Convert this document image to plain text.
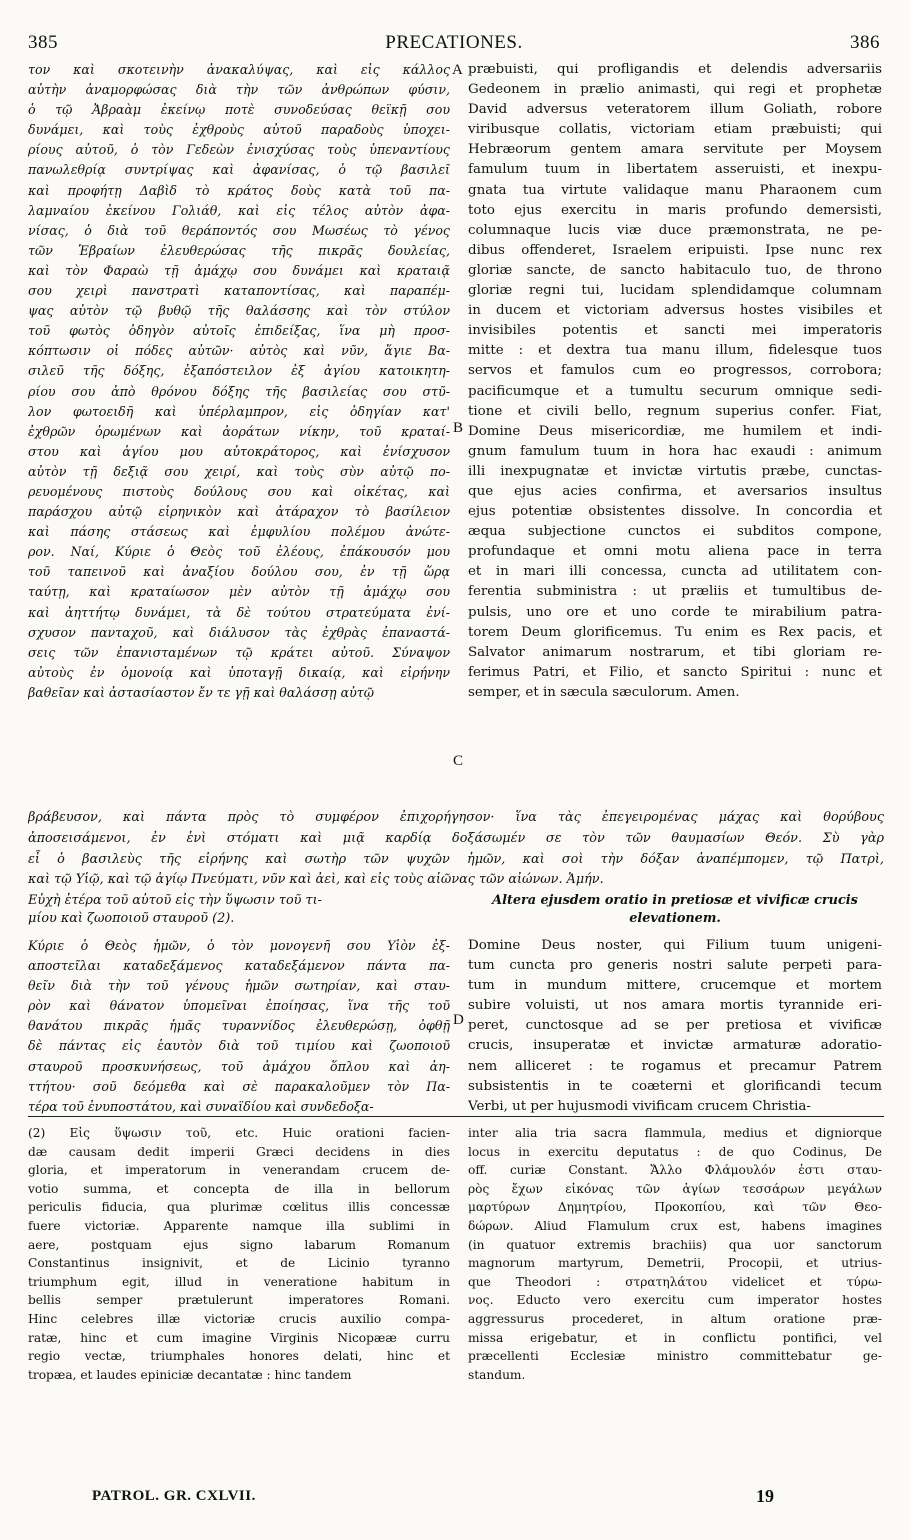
385	PRECATIONES.	386
τον καὶ σκοτεινὴν ἀνακαλύψας, καὶ εἰς κάλλος
αὐτὴν ἀναμορφώσας διὰ τὴν τῶν ἀνθρώπων φύσιν,
ὁ τῷ Ἀβραὰμ ἐκείνῳ ποτὲ συνοδεύσας θεϊκῇ σου
δυνάμει, καὶ τοὺς ἐχθροὺς αὐτοῦ παραδοὺς ὑποχει-
ρίους αὐτοῦ, ὁ τὸν Γεδεὼν ἐνισχύσας τοὺς ὑπεναντίους
πανωλεθρίᾳ συντρίψας καὶ ἀφανίσας, ὁ τῷ βασιλεῖ
καὶ προφήτῃ Δαβὶδ τὸ κράτος δοὺς κατὰ τοῦ πα-
λαμναίου ἐκείνου Γολιάθ, καὶ εἰς τέλος αὐτὸν ἀφα-
νίσας, ὁ διὰ τοῦ θεράποντός σου Μωσέως τὸ γένος
τῶν Ἑβραίων ἐλευθερώσας τῆς πικρᾶς δουλείας,
καὶ τὸν Φαραὼ τῇ ἀμάχῳ σου δυνάμει καὶ κραταιᾷ
σου χειρὶ πανστρατὶ καταποντίσας, καὶ παραπέμ-
ψας αὐτὸν τῷ βυθῷ τῆς θαλάσσης καὶ τὸν στύλον
τοῦ φωτὸς ὁδηγὸν αὐτοῖς ἐπιδείξας, ἵνα μὴ προσ-
κόπτωσιν οἱ πόδες αὐτῶν· αὐτὸς καὶ νῦν, ἅγιε Βα-
σιλεῦ τῆς δόξης, ἐξαπόστειλον ἐξ ἁγίου κατοικητη-
ρίου σου ἀπὸ θρόνου δόξης τῆς βασιλείας σου στῦ-
λον φωτοειδῆ καὶ ὑπέρλαμπρον, εἰς ὁδηγίαν κατ'
ἐχθρῶν ὁρωμένων καὶ ἀοράτων νίκην, τοῦ κραταί-
στου καὶ ἁγίου μου αὐτοκράτορος, καὶ ἐνίσχυσον
αὐτὸν τῇ δεξιᾷ σου χειρί, καὶ τοὺς σὺν αὐτῷ πο-
ρευομένους πιστοὺς δούλους σου καὶ οἰκέτας, καὶ
παράσχου αὐτῷ εἰρηνικὸν καὶ ἀτάραχον τὸ βασίλειον
καὶ πάσης στάσεως καὶ ἐμφυλίου πολέμου ἀνώτε-
ρον. Ναί, Κύριε ὁ Θεὸς τοῦ ἐλέους, ἐπάκουσόν μου
τοῦ ταπεινοῦ καὶ ἀναξίου δούλου σου, ἐν τῇ ὥρᾳ
ταύτῃ, καὶ κραταίωσον μὲν αὐτὸν τῇ ἀμάχῳ σου
καὶ ἀηττήτῳ δυνάμει, τὰ δὲ τούτου στρατεύματα ἐνί-
σχυσον πανταχοῦ, καὶ διάλυσον τὰς ἐχθρὰς ἐπαναστά-
σεις τῶν ἐπανισταμένων τῷ κράτει αὐτοῦ. Σύναψον
αὐτοὺς ἐν ὁμονοίᾳ καὶ ὑποταγῇ δικαίᾳ, καὶ εἰρήνην
βαθεῖαν καὶ ἀστασίαστον ἔν τε γῇ καὶ θαλάσσῃ αὐτῷ
præbuisti, qui profligandis et delendis adversariis
Gedeonem in prælio animasti, qui regi et prophetæ
David adversus veteratorem illum Goliath, robore
viribusque collatis, victoriam etiam præbuisti; qui
Hebræorum gentem amara servitute per Moysem
famulum tuum in libertatem asseruisti, et inexpu-
gnata tua virtute validaque manu Pharaonem cum
toto ejus exercitu in maris profundo demersisti,
columnaque lucis viæ duce præmonstrata, ne pe-
dibus offenderet, Israelem eripuisti. Ipse nunc rex
gloriæ sancte, de sancto habitaculo tuo, de throno
gloriæ regni tui, lucidam splendidamque columnam
in ducem et victoriam adversus hostes visibiles et
invisibiles potentis et sancti mei imperatoris
mitte : et dextra tua manu illum, fidelesque tuos
servos et famulos cum eo progressos, corrobora;
pacificumque et a tumultu securum omnique sedi-
tione et civili bello, regnum superius confer. Fiat,
Domine Deus misericordiæ, me humilem et indi-
gnum famulum tuum in hora hac exaudi : animum
illi inexpugnatæ et invictæ virtutis præbe, cunctas-
que ejus acies confirma, et aversarios insultus
ejus potentiæ obsistentes dissolve. In concordia et
æqua subjectione cunctos ei subditos compone,
profundaque et omni motu aliena pace in terra
et in mari illi concessa, cuncta ad utilitatem con-
ferentia subministra : ut præliis et tumultibus de-
pulsis, uno ore et uno corde te mirabilium patra-
torem Deum glorificemus. Tu enim es Rex pacis, et
Salvator animarum nostrarum, et tibi gloriam re-
ferimus Patri, et Filio, et sancto Spiritui : nunc et
semper, et in sæcula sæculorum. Amen.
A
B
C
D
βράβευσον, καὶ πάντα πρὸς τὸ συμφέρον ἐπιχορήγησον· ἵνα τὰς ἐπεγειρομένας μάχας καὶ θορύβους
ἀποσεισάμενοι, ἐν ἑνὶ στόματι καὶ μιᾷ καρδίᾳ δοξάσωμέν σε τὸν τῶν θαυμασίων Θεόν. Σὺ γὰρ
εἶ ὁ βασιλεὺς τῆς εἰρήνης καὶ σωτὴρ τῶν ψυχῶν ἡμῶν, καὶ σοὶ τὴν δόξαν ἀναπέμπομεν, τῷ Πατρὶ,
καὶ τῷ Υἱῷ, καὶ τῷ ἁγίῳ Πνεύματι, νῦν καὶ ἀεὶ, καὶ εἰς τοὺς αἰῶνας τῶν αἰώνων. Ἀμήν.
Εὐχὴ ἑτέρα τοῦ αὐτοῦ εἰς τὴν ὕψωσιν τοῦ τι-
μίου καὶ ζωοποιοῦ σταυροῦ (2).
Altera ejusdem oratio in pretiosæ et vivificæ crucis
elevationem.
Κύριε ὁ Θεὸς ἡμῶν, ὁ τὸν μονογενῆ σου Υἱὸν ἐξ-
αποστεῖλαι καταδεξάμενος καταδεξάμενον πάντα πα-
θεῖν διὰ τὴν τοῦ γένους ἡμῶν σωτηρίαν, καὶ σταυ-
ρὸν καὶ θάνατον ὑπομεῖναι ἐποίησας, ἵνα τῆς τοῦ
θανάτου πικρᾶς ἡμᾶς τυραννίδος ἐλευθερώσῃ, ὀφθῇ
δὲ πάντας εἰς ἑαυτὸν διὰ τοῦ τιμίου καὶ ζωοποιοῦ
σταυροῦ προσκυνήσεως, τοῦ ἀμάχου ὅπλου καὶ ἀη-
ττήτου· σοῦ δεόμεθα καὶ σὲ παρακαλοῦμεν τὸν Πα-
τέρα τοῦ ἐνυποστάτου, καὶ συναϊδίου καὶ συνδεδοξα-
Domine Deus noster, qui Filium tuum unigeni-
tum cuncta pro generis nostri salute perpeti para-
tum in mundum mittere, crucemque et mortem
subire voluisti, ut nos amara mortis tyrannide eri-
peret, cunctosque ad se per pretiosa et vivificæ
crucis, insuperatæ et invictæ armaturæ adoratio-
nem alliceret : te rogamus et precamur Patrem
subsistentis in te coæterni et glorificandi tecum
Verbi, ut per hujusmodi vivificam crucem Christia-
(2) Εἰς ὕψωσιν τοῦ, etc. Huic orationi facien-
dæ causam dedit imperii Græci decidens in dies
gloria, et imperatorum in venerandam crucem de-
votio summa, et concepta de illa in bellorum
periculis fiducia, qua plurimæ cœlitus illis concessæ
fuere victoriæ. Apparente namque illa sublimi in
aere, postquam ejus signo labarum Romanum
Constantinus insignivit, et de Licinio tyranno
triumphum egit, illud in veneratione habitum in
bellis semper prætulerunt imperatores Romani.
Hinc celebres illæ victoriæ crucis auxilio compa-
ratæ, hinc et cum imagine Virginis Nicopææ curru
regio vectæ, triumphales honores delati, hinc et
tropæa, et laudes epiniciæ decantatæ : hinc tandem
inter alia tria sacra flammula, medius et digniorque
locus in exercitu deputatus : de quo Codinus, De
off. curiæ Constant. Ἄλλο Φλάμουλόν ἐστι σταυ-
ρὸς ἔχων εἰκόνας τῶν ἁγίων τεσσάρων μεγάλων
μαρτύρων Δημητρίου, Προκοπίου, καὶ τῶν Θεο-
δώρων. Aliud Flamulum crux est, habens imagines
(in quatuor extremis brachiis) qua uor sanctorum
magnorum martyrum, Demetrii, Procopii, et utrius-
que Theodori : στρατηλάτου videlicet et τύρω-
νος. Educto vero exercitu cum imperator hostes
aggressurus procederet, in altum oratione præ-
missa erigebatur, et in conflictu pontifici, vel
præcellenti Ecclesiæ ministro committebatur ge-
standum.
PATROL. GR. CXLVII.	19
